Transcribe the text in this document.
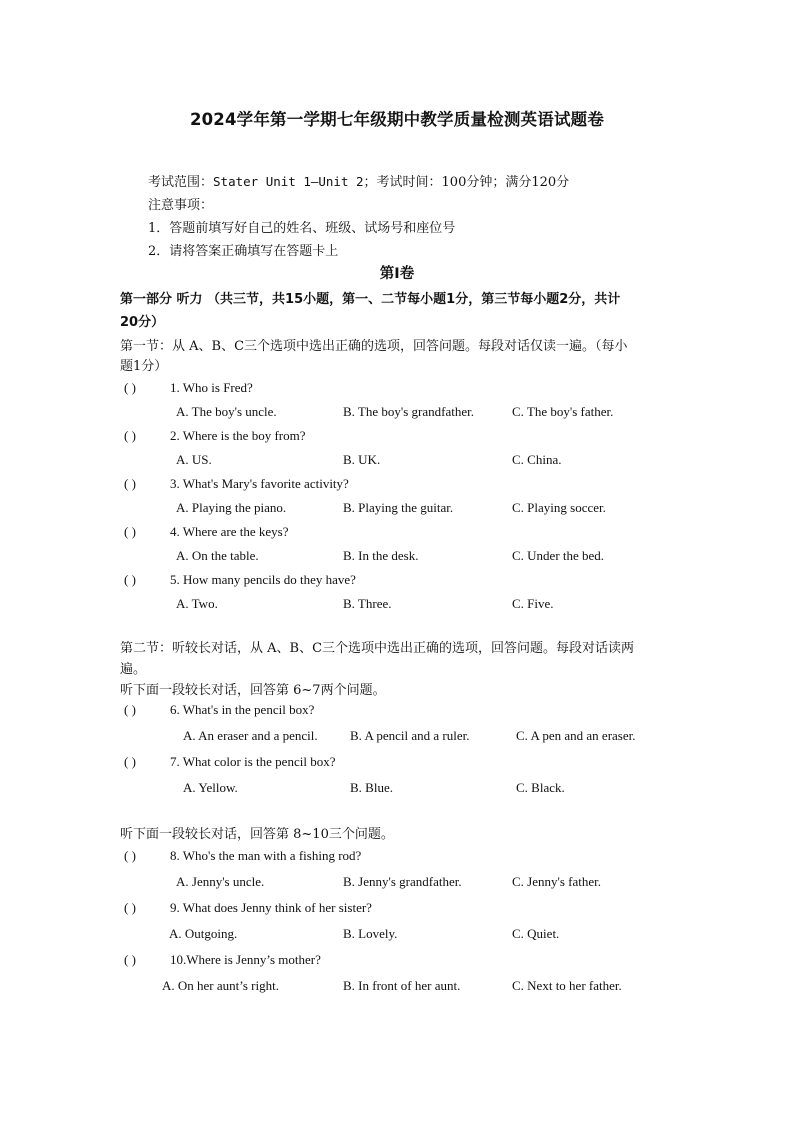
2024学年第一学期七年级期中教学质量检测英语试题卷
考试范围：Stater Unit 1—Unit 2；考试时间：100分钟；满分120分
注意事项：
1．答题前填写好自己的姓名、班级、试场号和座位号
2．请将答案正确填写在答题卡上
第I卷
第一部分 听力 （共三节，共15小题，第一、二节每小题1分，第三节每小题2分，共计
20分）
第一节：从 A、B、C三个选项中选出正确的选项，回答问题。每段对话仅读一遍。（每小
题1分）
( )	1. Who is Fred?
A. The boy's uncle.	B. The boy's grandfather.	C. The boy's father.
( )	2. Where is the boy from?
A. US.	B. UK.	C. China.
( )	3. What's Mary's favorite activity?
A. Playing the piano.	B. Playing the guitar.	C. Playing soccer.
( )	4. Where are the keys?
A. On the table.	B. In the desk.	C. Under the bed.
( )	5. How many pencils do they have?
A. Two.	B. Three.	C. Five.
第二节：听较长对话，从 A、B、C三个选项中选出正确的选项，回答问题。每段对话读两
遍。
听下面一段较长对话，回答第 6~7两个问题。
( )	6. What's in the pencil box?
A. An eraser and a pencil. B. A pencil and a ruler.	C. A pen and an eraser.
( )	7. What color is the pencil box?
A. Yellow.	B. Blue.	C. Black.
听下面一段较长对话，回答第 8~10三个问题。
( )	8. Who's the man with a fishing rod?
A. Jenny's uncle.	B. Jenny's grandfather.	C. Jenny's father.
( )	9. What does Jenny think of her sister?
A. Outgoing.	B. Lovely.	C. Quiet.
( )	10.Where is Jenny’s mother?
A. On her aunt’s right.	B. In front of her aunt.	C. Next to her father.
